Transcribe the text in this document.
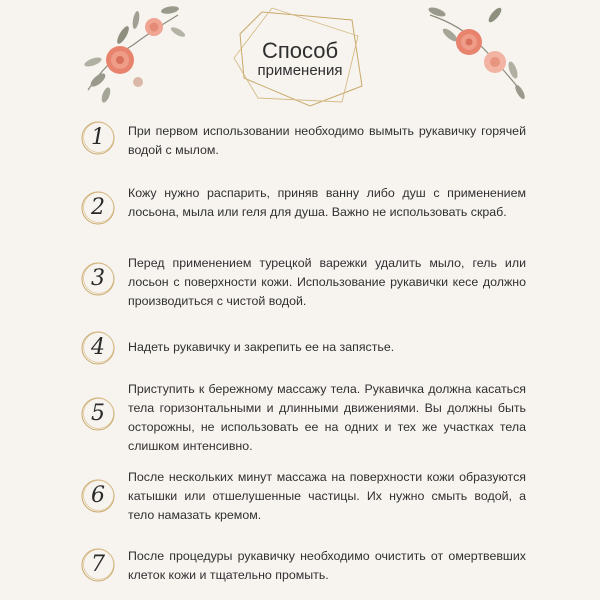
Способ
применения
1	При первом использовании необходимо вымыть рукавичку горячей водой с мылом.
2
Кожу нужно распарить, приняв ванну либо душ с применением лосьона, мыла или геля для душа. Важно не использовать скраб.
3
Перед применением турецкой варежки удалить мыло, гель или лосьон с поверхности кожи. Использование рукавички кесе должно производиться с чистой водой.
4	Надеть рукавичку и закрепить ее на запястье.
5
Приступить к бережному массажу тела. Рукавичка должна касаться тела горизонтальными и длинными движениями. Вы должны быть осторожны, не использовать ее на одних и тех же участках тела слишком интенсивно.
6
После нескольких минут массажа на поверхности кожи образуются катышки или отшелушенные частицы. Их нужно смыть водой, а тело намазать кремом.
7	После процедуры рукавичку необходимо очистить от омертвевших клеток кожи и тщательно промыть.
